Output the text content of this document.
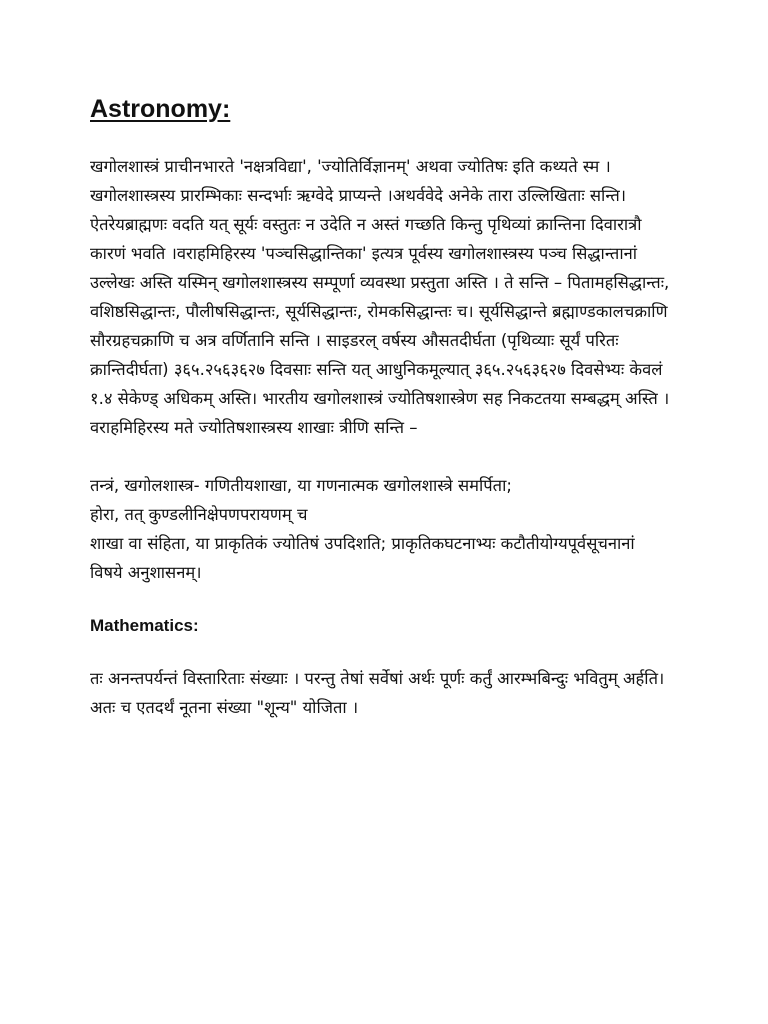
Astronomy:

खगोलशास्त्रं प्राचीनभारते 'नक्षत्रविद्या', 'ज्योतिर्विज्ञानम्' अथवा ज्योतिषः इति कथ्यते स्म ।

खगोलशास्त्रस्य प्रारम्भिकाः सन्दर्भाः ऋग्वेदे प्राप्यन्ते ।अथर्ववेदे अनेके तारा उल्लिखिताः सन्ति। ऐतरेयब्राह्मणः वदति यत् सूर्यः वस्तुतः न उदेति न अस्तं गच्छति किन्तु पृथिव्यां क्रान्तिना दिवारात्रौ कारणं भवति ।वराहमिहिरस्य 'पञ्चसिद्धान्तिका' इत्यत्र पूर्वस्य खगोलशास्त्रस्य पञ्च सिद्धान्तानां उल्लेखः अस्ति यस्मिन् खगोलशास्त्रस्य सम्पूर्णा व्यवस्था प्रस्तुता अस्ति । ते सन्ति – पितामहसिद्धान्तः, वशिष्ठसिद्धान्तः, पौलीषसिद्धान्तः, सूर्यसिद्धान्तः, रोमकसिद्धान्तः च। सूर्यसिद्धान्ते ब्रह्माण्डकालचक्राणि सौरग्रहचक्राणि च अत्र वर्णितानि सन्ति । साइडरल् वर्षस्य औसतदीर्घता (पृथिव्याः सूर्यं परितः क्रान्तिदीर्घता) ३६५.२५६३६२७ दिवसाः सन्ति यत् आधुनिकमूल्यात् ३६५.२५६३६२७ दिवसेभ्यः केवलं १.४ सेकेण्ड् अधिकम् अस्ति। भारतीय खगोलशास्त्रं ज्योतिषशास्त्रेण सह निकटतया सम्बद्धम् अस्ति । वराहमिहिरस्य मते ज्योतिषशास्त्रस्य शाखाः त्रीणि सन्ति –

तन्त्रं, खगोलशास्त्र- गणितीयशाखा, या गणनात्मक खगोलशास्त्रे समर्पिता;

होरा, तत् कुण्डलीनिक्षेपणपरायणम् च

शाखा वा संहिता, या प्राकृतिकं ज्योतिषं उपदिशति; प्राकृतिकघटनाभ्यः कटौतीयोग्यपूर्वसूचनानां विषये अनुशासनम्।

Mathematics:

तः अनन्तपर्यन्तं विस्तारिताः संख्याः । परन्तु तेषां सर्वेषां अर्थः पूर्णः कर्तुं आरम्भबिन्दुः भवितुम् अर्हति। अतः च एतदर्थं नूतना संख्या "शून्य" योजिता ।
